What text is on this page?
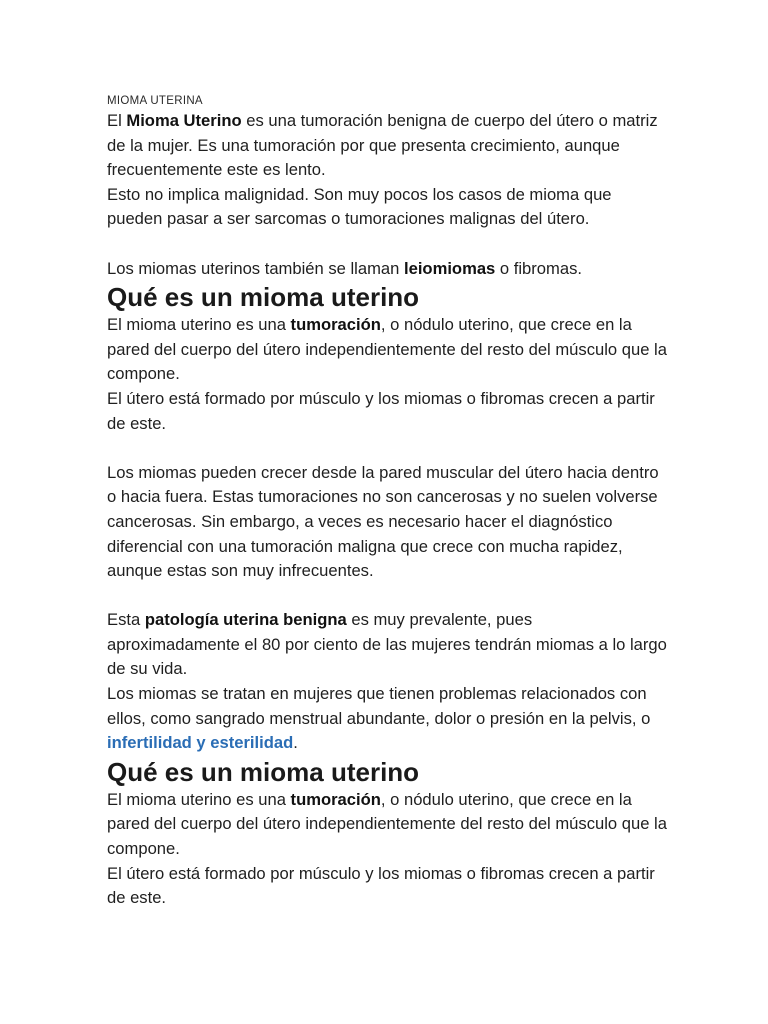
MIOMA UTERINA

El Mioma Uterino es una tumoración benigna de cuerpo del útero o matriz de la mujer. Es una tumoración por que presenta crecimiento, aunque frecuentemente este es lento.

Esto no implica malignidad. Son muy pocos los casos de mioma que pueden pasar a ser sarcomas o tumoraciones malignas del útero.

Los miomas uterinos también se llaman leiomiomas o fibromas.

Qué es un mioma uterino

El mioma uterino es una tumoración, o nódulo uterino, que crece en la pared del cuerpo del útero independientemente del resto del músculo que la compone.

El útero está formado por músculo y los miomas o fibromas crecen a partir de este.

Los miomas pueden crecer desde la pared muscular del útero hacia dentro o hacia fuera. Estas tumoraciones no son cancerosas y no suelen volverse cancerosas. Sin embargo, a veces es necesario hacer el diagnóstico diferencial con una tumoración maligna que crece con mucha rapidez, aunque estas son muy infrecuentes.

Esta patología uterina benigna es muy prevalente, pues aproximadamente el 80 por ciento de las mujeres tendrán miomas a lo largo de su vida.

Los miomas se tratan en mujeres que tienen problemas relacionados con ellos, como sangrado menstrual abundante, dolor o presión en la pelvis, o infertilidad y esterilidad.

Qué es un mioma uterino

El mioma uterino es una tumoración, o nódulo uterino, que crece en la pared del cuerpo del útero independientemente del resto del músculo que la compone.

El útero está formado por músculo y los miomas o fibromas crecen a partir de este.
